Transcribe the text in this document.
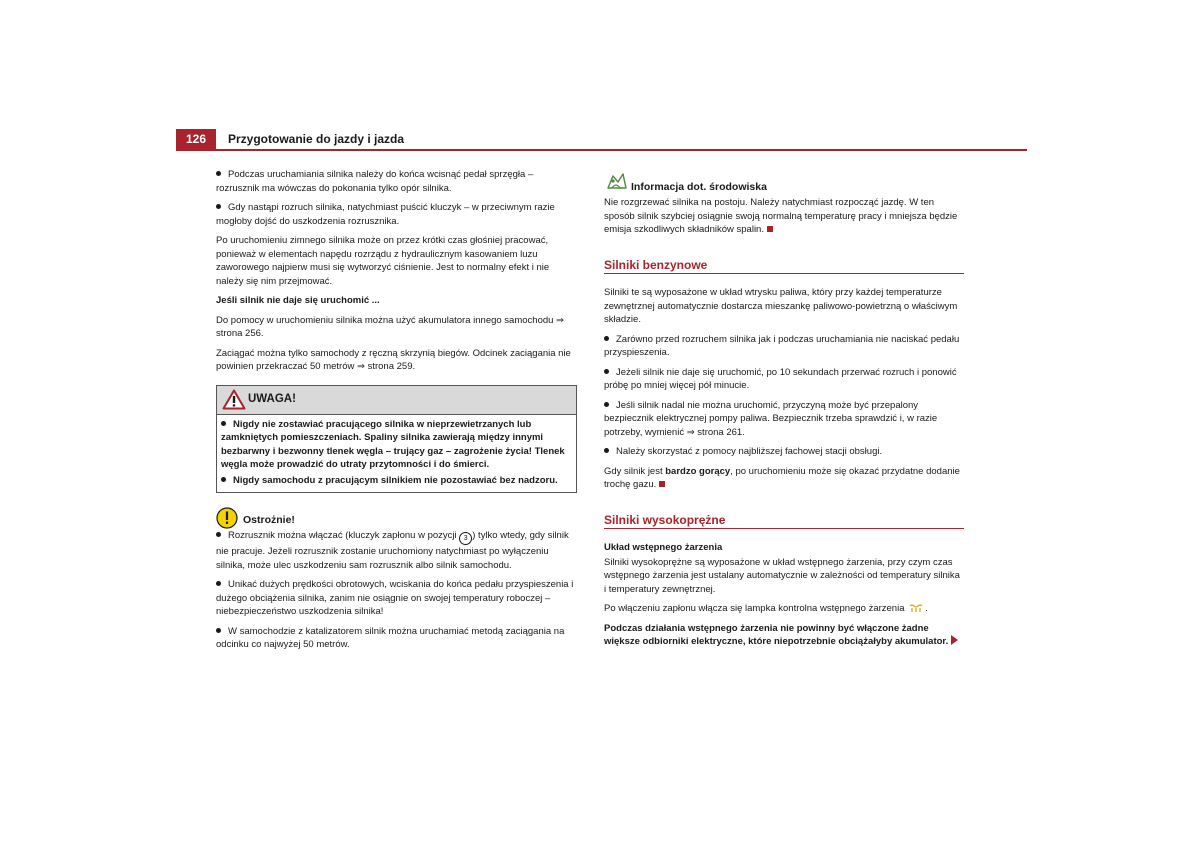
126	Przygotowanie do jazdy i jazda

Podczas uruchamiania silnika należy do końca wcisnąć pedał sprzęgła – rozrusznik ma wówczas do pokonania tylko opór silnika.

Gdy nastąpi rozruch silnika, natychmiast puścić kluczyk – w przeciwnym razie mogłoby dojść do uszkodzenia rozrusznika.

Po uruchomieniu zimnego silnika może on przez krótki czas głośniej pracować, ponieważ w elementach napędu rozrządu z hydraulicznym kasowaniem luzu zaworowego najpierw musi się wytworzyć ciśnienie. Jest to normalny efekt i nie należy się nim przejmować.

Jeśli silnik nie daje się uruchomić ...

Do pomocy w uruchomieniu silnika można użyć akumulatora innego samochodu ⇒ strona 256.

Zaciągać można tylko samochody z ręczną skrzynią biegów. Odcinek zaciągania nie powinien przekraczać 50 metrów ⇒ strona 259.

UWAGA!

Nigdy nie zostawiać pracującego silnika w nieprzewietrzanych lub zamkniętych pomieszczeniach. Spaliny silnika zawierają między innymi bezbarwny i bezwonny tlenek węgla – trujący gaz – zagrożenie życia! Tlenek węgla może prowadzić do utraty przytomności i do śmierci.

Nigdy samochodu z pracującym silnikiem nie pozostawiać bez nadzoru.

Ostrożnie!

Rozrusznik można włączać (kluczyk zapłonu w pozycji 3 ) tylko wtedy, gdy silnik nie pracuje. Jeżeli rozrusznik zostanie uruchomiony natychmiast po wyłączeniu silnika, może ulec uszkodzeniu sam rozrusznik albo silnik samochodu.

Unikać dużych prędkości obrotowych, wciskania do końca pedału przyspieszenia i dużego obciążenia silnika, zanim nie osiągnie on swojej temperatury roboczej – niebezpieczeństwo uszkodzenia silnika!

W samochodzie z katalizatorem silnik można uruchamiać metodą zaciągania na odcinku co najwyżej 50 metrów.

Informacja dot. środowiska

Nie rozgrzewać silnika na postoju. Należy natychmiast rozpocząć jazdę. W ten sposób silnik szybciej osiągnie swoją normalną temperaturę pracy i mniejsza będzie emisja szkodliwych składników spalin.

Silniki benzynowe

Silniki te są wyposażone w układ wtrysku paliwa, który przy każdej temperaturze zewnętrznej automatycznie dostarcza mieszankę paliwowo-powietrzną o właściwym składzie.

Zarówno przed rozruchem silnika jak i podczas uruchamiania nie naciskać pedału przyspieszenia.

Jeżeli silnik nie daje się uruchomić, po 10 sekundach przerwać rozruch i ponowić próbę po mniej więcej pół minucie.

Jeśli silnik nadal nie można uruchomić, przyczyną może być przepalony bezpiecznik elektrycznej pompy paliwa. Bezpiecznik trzeba sprawdzić i, w razie potrzeby, wymienić ⇒ strona 261.

Należy skorzystać z pomocy najbliższej fachowej stacji obsługi.

Gdy silnik jest bardzo gorący, po uruchomieniu może się okazać przydatne dodanie trochę gazu.

Silniki wysokoprężne

Układ wstępnego żarzenia

Silniki wysokoprężne są wyposażone w układ wstępnego żarzenia, przy czym czas wstępnego żarzenia jest ustalany automatycznie w zależności od temperatury silnika i temperatury zewnętrznej.

Po włączeniu zapłonu włącza się lampka kontrolna wstępnego żarzenia .

Podczas działania wstępnego żarzenia nie powinny być włączone żadne większe odbiorniki elektryczne, które niepotrzebnie obciążałyby akumulator.
